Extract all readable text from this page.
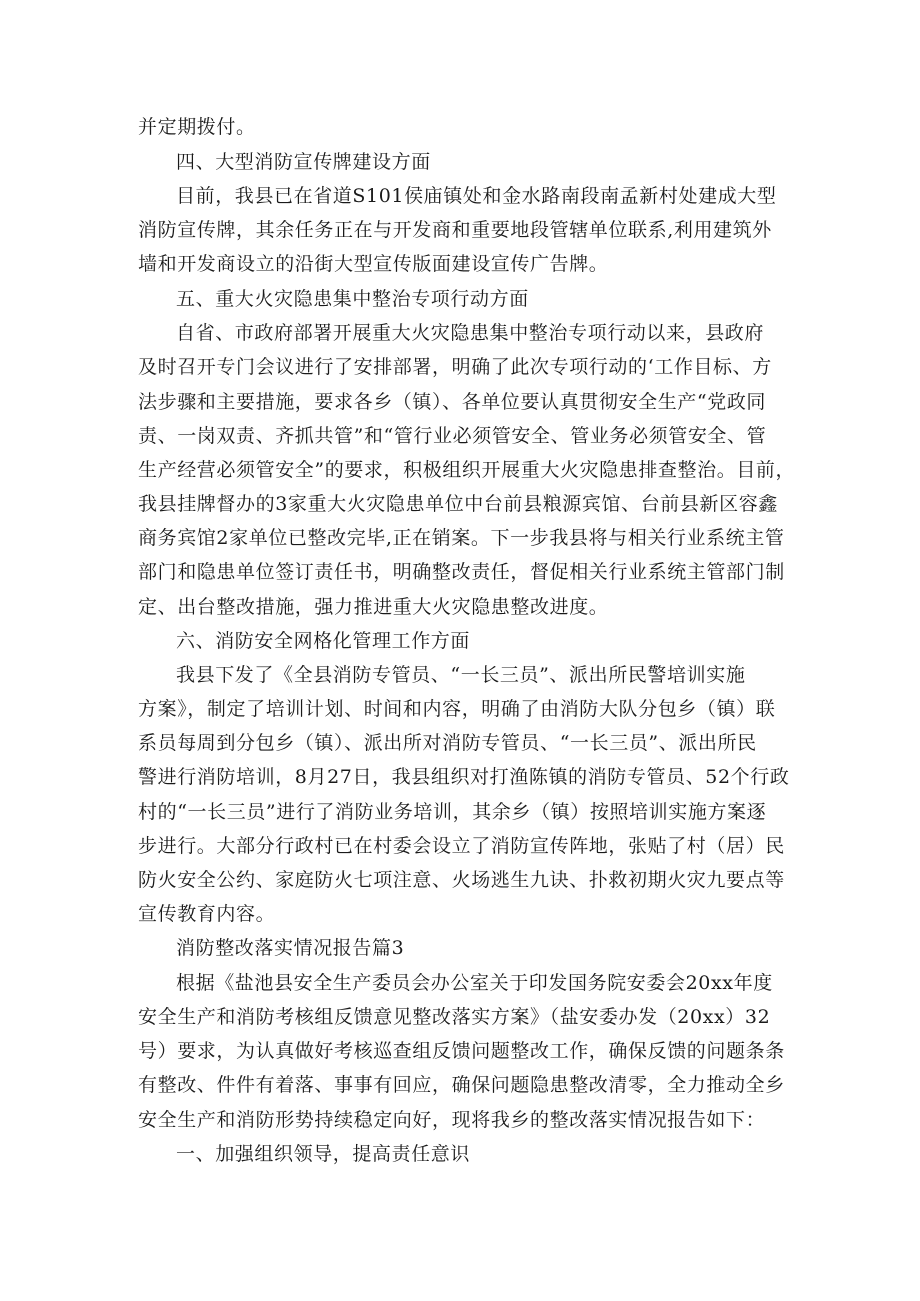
并定期拨付。
四、大型消防宣传牌建设方面
目前，我县已在省道S101侯庙镇处和金水路南段南孟新村处建成大型
消防宣传牌，其余任务正在与开发商和重要地段管辖单位联系,利用建筑外
墙和开发商设立的沿街大型宣传版面建设宣传广告牌。
五、重大火灾隐患集中整治专项行动方面
自省、市政府部署开展重大火灾隐患集中整治专项行动以来，县政府
及时召开专门会议进行了安排部署，明确了此次专项行动的‘工作目标、方
法步骤和主要措施，要求各乡（镇）、各单位要认真贯彻安全生产“党政同
责、一岗双责、齐抓共管”和“管行业必须管安全、管业务必须管安全、管
生产经营必须管安全”的要求，积极组织开展重大火灾隐患排查整治。目前，
我县挂牌督办的3家重大火灾隐患单位中台前县粮源宾馆、台前县新区容鑫
商务宾馆2家单位已整改完毕,正在销案。下一步我县将与相关行业系统主管
部门和隐患单位签订责任书，明确整改责任，督促相关行业系统主管部门制
定、出台整改措施，强力推进重大火灾隐患整改进度。
六、消防安全网格化管理工作方面
我县下发了《全县消防专管员、“一长三员”、派出所民警培训实施
方案》，制定了培训计划、时间和内容，明确了由消防大队分包乡（镇）联
系员每周到分包乡（镇）、派出所对消防专管员、“一长三员”、派出所民
警进行消防培训，8月27日，我县组织对打渔陈镇的消防专管员、52个行政
村的“一长三员”进行了消防业务培训，其余乡（镇）按照培训实施方案逐
步进行。大部分行政村已在村委会设立了消防宣传阵地，张贴了村（居）民
防火安全公约、家庭防火七项注意、火场逃生九诀、扑救初期火灾九要点等
宣传教育内容。
消防整改落实情况报告篇3
根据《盐池县安全生产委员会办公室关于印发国务院安委会20xx年度
安全生产和消防考核组反馈意见整改落实方案》（盐安委办发（20xx）32
号）要求，为认真做好考核巡查组反馈问题整改工作，确保反馈的问题条条
有整改、件件有着落、事事有回应，确保问题隐患整改清零，全力推动全乡
安全生产和消防形势持续稳定向好，现将我乡的整改落实情况报告如下：
一、加强组织领导，提高责任意识
